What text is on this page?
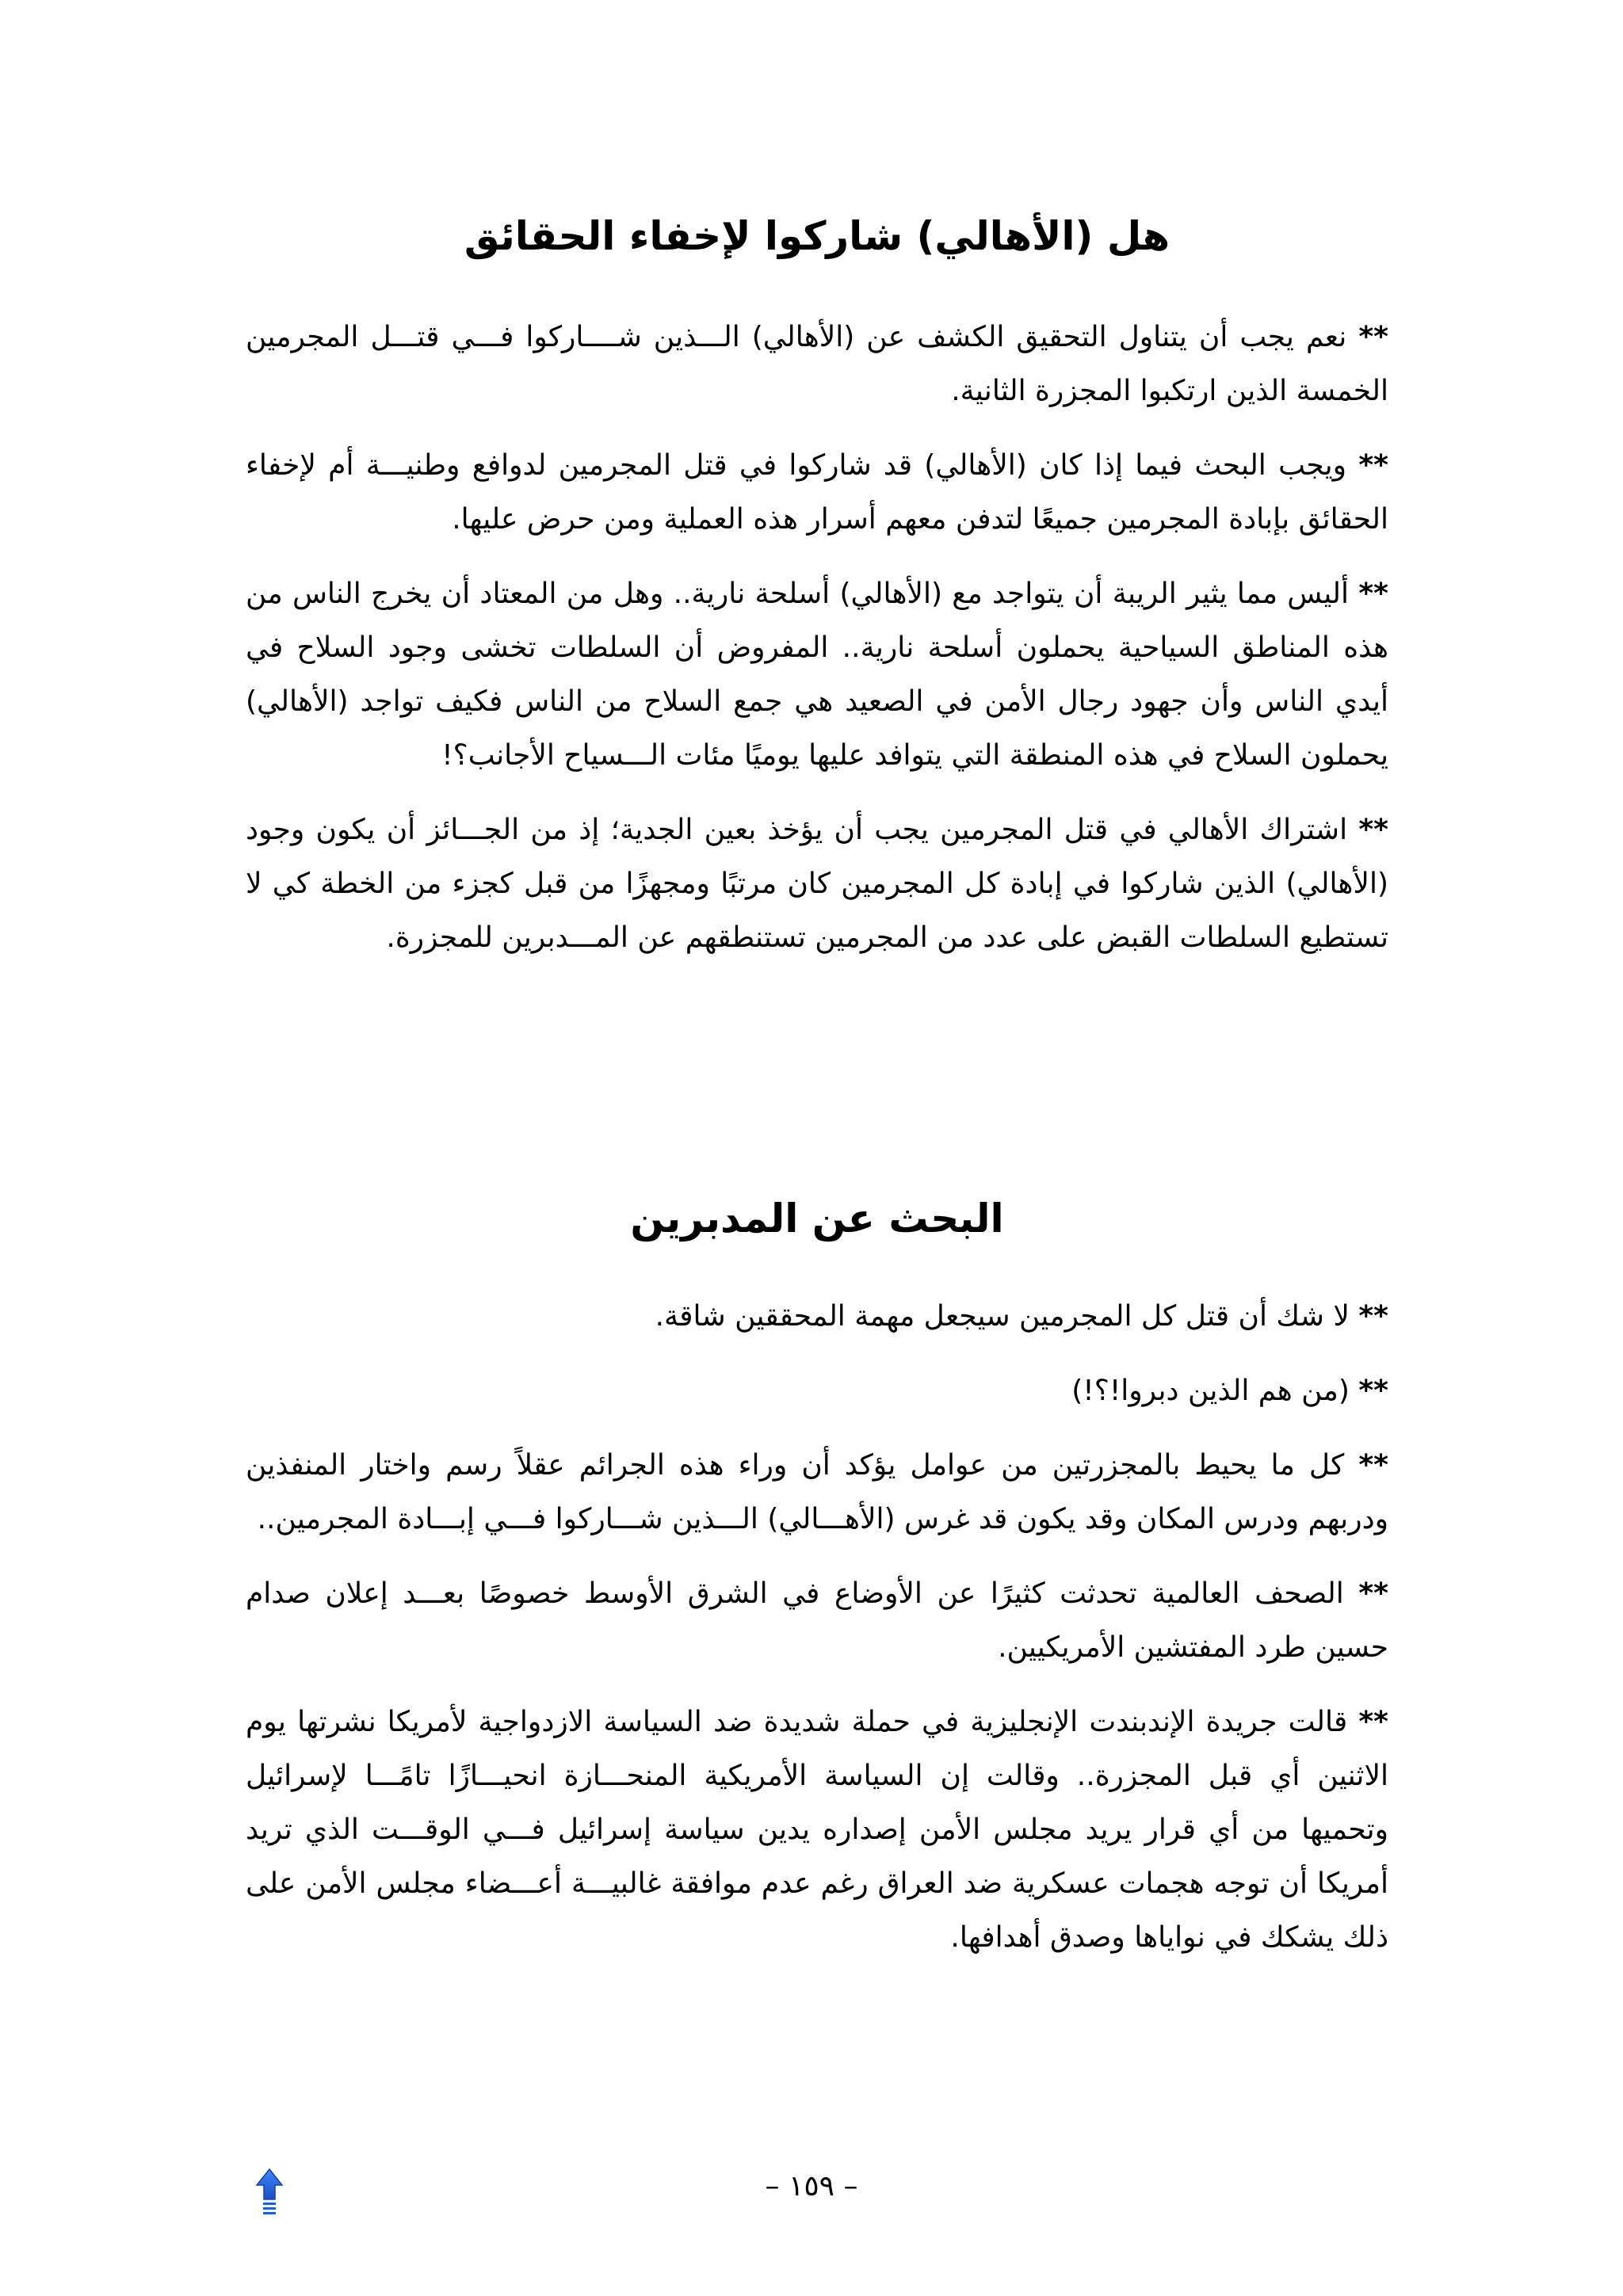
هل (الأهالي) شاركوا لإخفاء الحقائق

** نعم يجب أن يتناول التحقيق الكشف عن (الأهالي) الـــذين شــــاركوا فـــي قتـــل المجرمين الخمسة الذين ارتكبوا المجزرة الثانية.

** ويجب البحث فيما إذا كان (الأهالي) قد شاركوا في قتل المجرمين لدوافع وطنيـــة أم لإخفاء الحقائق بإبادة المجرمين جميعًا لتدفن معهم أسرار هذه العملية ومن حرض عليها.

** أليس مما يثير الريبة أن يتواجد مع (الأهالي) أسلحة نارية.. وهل من المعتاد أن يخرج الناس من هذه المناطق السياحية يحملون أسلحة نارية.. المفروض أن السلطات تخشى وجود السلاح في أيدي الناس وأن جهود رجال الأمن في الصعيد هي جمع السلاح من الناس فكيف تواجد (الأهالي) يحملون السلاح في هذه المنطقة التي يتوافد عليها يوميًا مئات الـــسياح الأجانب؟!

** اشتراك الأهالي في قتل المجرمين يجب أن يؤخذ بعين الجدية؛ إذ من الجـــائز أن يكون وجود (الأهالي) الذين شاركوا في إبادة كل المجرمين كان مرتبًا ومجهزًا من قبل كجزء من الخطة كي لا تستطيع السلطات القبض على عدد من المجرمين تستنطقهم عن المـــدبرين للمجزرة.

البحث عن المدبرين

** لا شك أن قتل كل المجرمين سيجعل مهمة المحققين شاقة.

** (من هم الذين دبروا!؟!)

** كل ما يحيط بالمجزرتين من عوامل يؤكد أن وراء هذه الجرائم عقلاً رسم واختار المنفذين ودربهم ودرس المكان وقد يكون قد غرس (الأهـــالي) الـــذين شـــاركوا فـــي إبـــادة المجرمين..

** الصحف العالمية تحدثت كثيرًا عن الأوضاع في الشرق الأوسط خصوصًا بعـــد إعلان صدام حسين طرد المفتشين الأمريكيين.

** قالت جريدة الإندبندت الإنجليزية في حملة شديدة ضد السياسة الازدواجية لأمريكا نشرتها يوم الاثنين أي قبل المجزرة.. وقالت إن السياسة الأمريكية المنحـــازة انحيـــازًا تامًـــا لإسرائيل وتحميها من أي قرار يريد مجلس الأمن إصداره يدين سياسة إسرائيل فـــي الوقـــت الذي تريد أمريكا أن توجه هجمات عسكرية ضد العراق رغم عدم موافقة غالبيـــة أعـــضاء مجلس الأمن على ذلك يشكك في نواياها وصدق أهدافها.

– ١٥٩ –
